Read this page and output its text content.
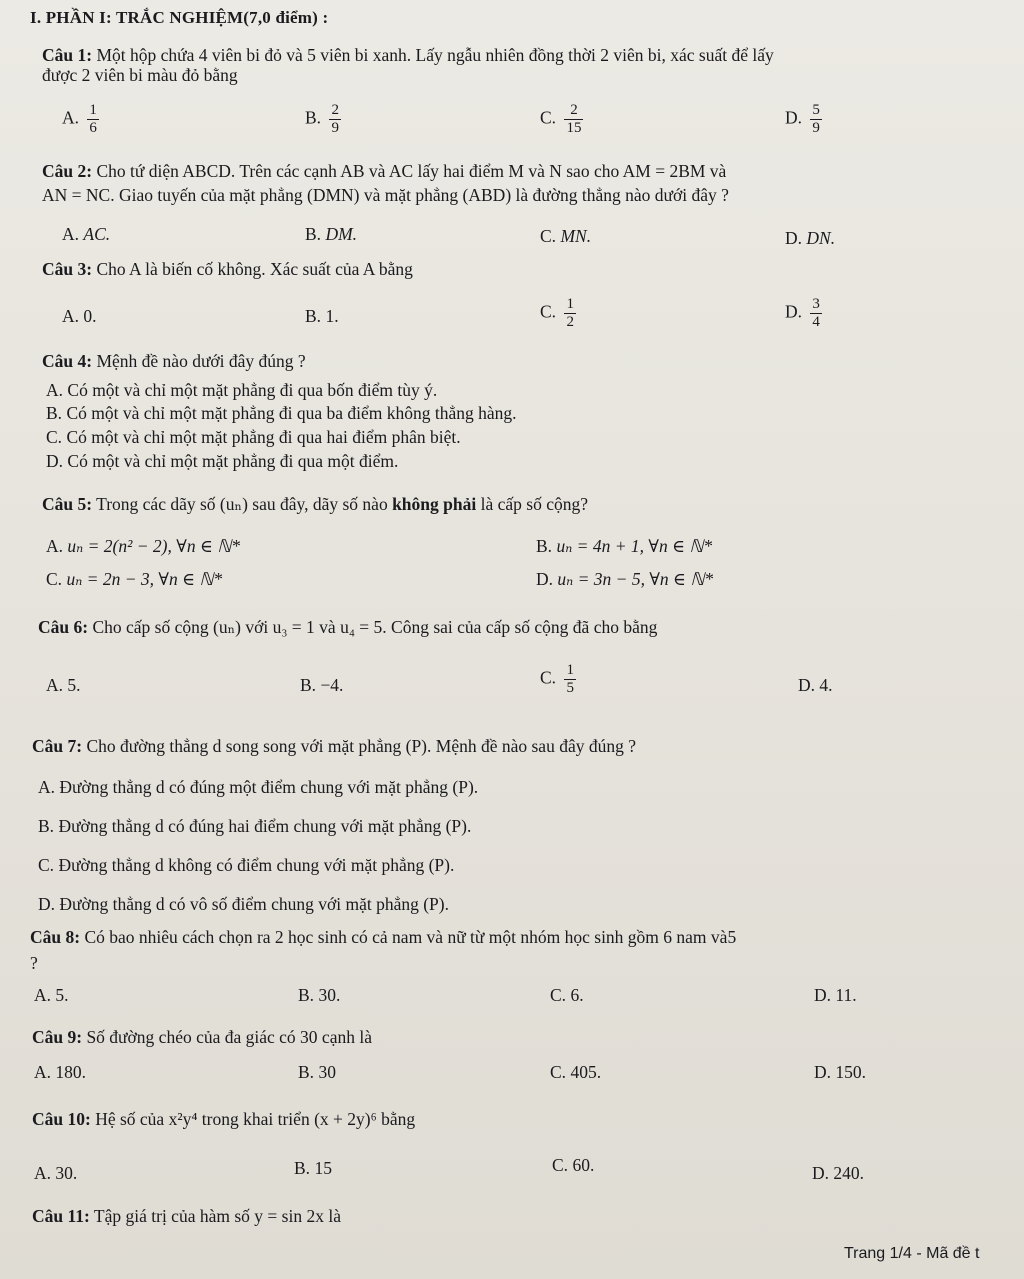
I. PHẦN I: TRẮC NGHIỆM(7,0 điểm) :
Câu 1: Một hộp chứa 4 viên bi đỏ và 5 viên bi xanh. Lấy ngẫu nhiên đồng thời 2 viên bi, xác suất để lấy
được 2 viên bi màu đỏ bằng
A. $\frac{1}{6}$	B. $\frac{2}{9}$	C. $\frac{2}{15}$	D. $\frac{5}{9}$
Câu 2: Cho tứ diện ABCD. Trên các cạnh AB và AC lấy hai điểm M và N sao cho AM = 2BM và
AN = NC. Giao tuyến của mặt phẳng (DMN) và mặt phẳng (ABD) là đường thẳng nào dưới đây ?
A. AC.	B. DM.	C. MN.	D. DN.
Câu 3: Cho A là biến cố không. Xác suất của A bằng
A. 0.	B. 1.	C. $\frac{1}{2}$	D. $\frac{3}{4}$
Câu 4: Mệnh đề nào dưới đây đúng ?
A. Có một và chỉ một mặt phẳng đi qua bốn điểm tùy ý.
B. Có một và chỉ một mặt phẳng đi qua ba điểm không thẳng hàng.
C. Có một và chỉ một mặt phẳng đi qua hai điểm phân biệt.
D. Có một và chỉ một mặt phẳng đi qua một điểm.
Câu 5: Trong các dãy số (uₙ) sau đây, dãy số nào không phải là cấp số cộng?
A. uₙ = 2(n² − 2), ∀n ∈ ℕ*	B. uₙ = 4n + 1, ∀n ∈ ℕ*
C. uₙ = 2n − 3, ∀n ∈ ℕ*	D. uₙ = 3n − 5, ∀n ∈ ℕ*
Câu 6: Cho cấp số cộng (uₙ) với u₃ = 1 và u₄ = 5. Công sai của cấp số cộng đã cho bằng
A. 5.	B. −4.	C. $\frac{1}{5}$	D. 4.
Câu 7: Cho đường thẳng d song song với mặt phẳng (P). Mệnh đề nào sau đây đúng ?
A. Đường thẳng d có đúng một điểm chung với mặt phẳng (P).
B. Đường thẳng d có đúng hai điểm chung với mặt phẳng (P).
C. Đường thẳng d không có điểm chung với mặt phẳng (P).
D. Đường thẳng d có vô số điểm chung với mặt phẳng (P).
Câu 8: Có bao nhiêu cách chọn ra 2 học sinh có cả nam và nữ từ một nhóm học sinh gồm 6 nam và5
?
A. 5.	B. 30.	C. 6.	D. 11.
Câu 9: Số đường chéo của đa giác có 30 cạnh là
A. 180.	B. 30	C. 405.	D. 150.
Câu 10: Hệ số của x²y⁴ trong khai triển (x + 2y)⁶ bằng
A. 30.	B. 15	C. 60.	D. 240.
Câu 11: Tập giá trị của hàm số y = sin 2x là
Trang 1/4 - Mã đề t
